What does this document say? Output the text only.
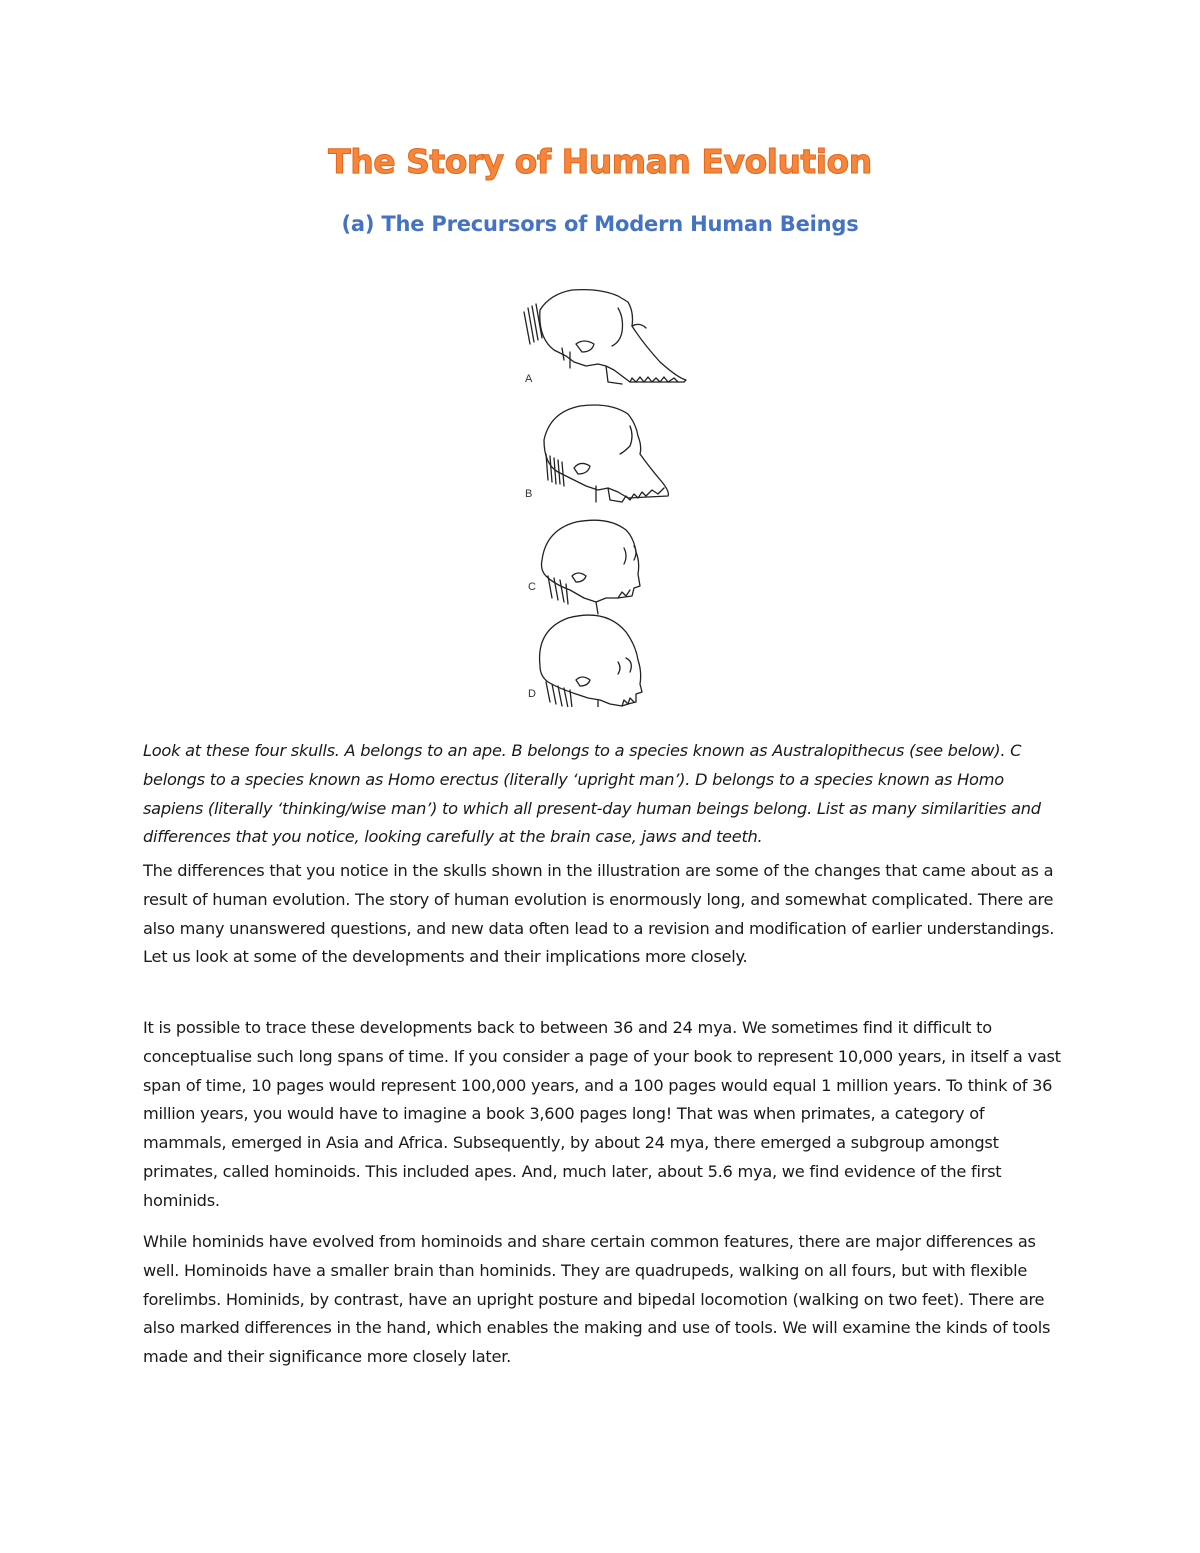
The Story of Human Evolution
(a) The Precursors of Modern Human Beings
A
B
C
D

Look at these four skulls. A belongs to an ape. B belongs to a species known as Australopithecus (see below). C belongs to a species known as Homo erectus (literally ‘upright man’). D belongs to a species known as Homo sapiens (literally ‘thinking/wise man’) to which all present-day human beings belong. List as many similarities and differences that you notice, looking carefully at the brain case, jaws and teeth.

The differences that you notice in the skulls shown in the illustration are some of the changes that came about as a result of human evolution. The story of human evolution is enormously long, and somewhat complicated. There are also many unanswered questions, and new data often lead to a revision and modification of earlier understandings. Let us look at some of the developments and their implications more closely.

It is possible to trace these developments back to between 36 and 24 mya. We sometimes find it difficult to conceptualise such long spans of time. If you consider a page of your book to represent 10,000 years, in itself a vast span of time, 10 pages would represent 100,000 years, and a 100 pages would equal 1 million years. To think of 36 million years, you would have to imagine a book 3,600 pages long! That was when primates, a category of mammals, emerged in Asia and Africa. Subsequently, by about 24 mya, there emerged a subgroup amongst primates, called hominoids. This included apes. And, much later, about 5.6 mya, we find evidence of the first hominids.

While hominids have evolved from hominoids and share certain common features, there are major differences as well. Hominoids have a smaller brain than hominids. They are quadrupeds, walking on all fours, but with flexible forelimbs. Hominids, by contrast, have an upright posture and bipedal locomotion (walking on two feet). There are also marked differences in the hand, which enables the making and use of tools. We will examine the kinds of tools made and their significance more closely later.
